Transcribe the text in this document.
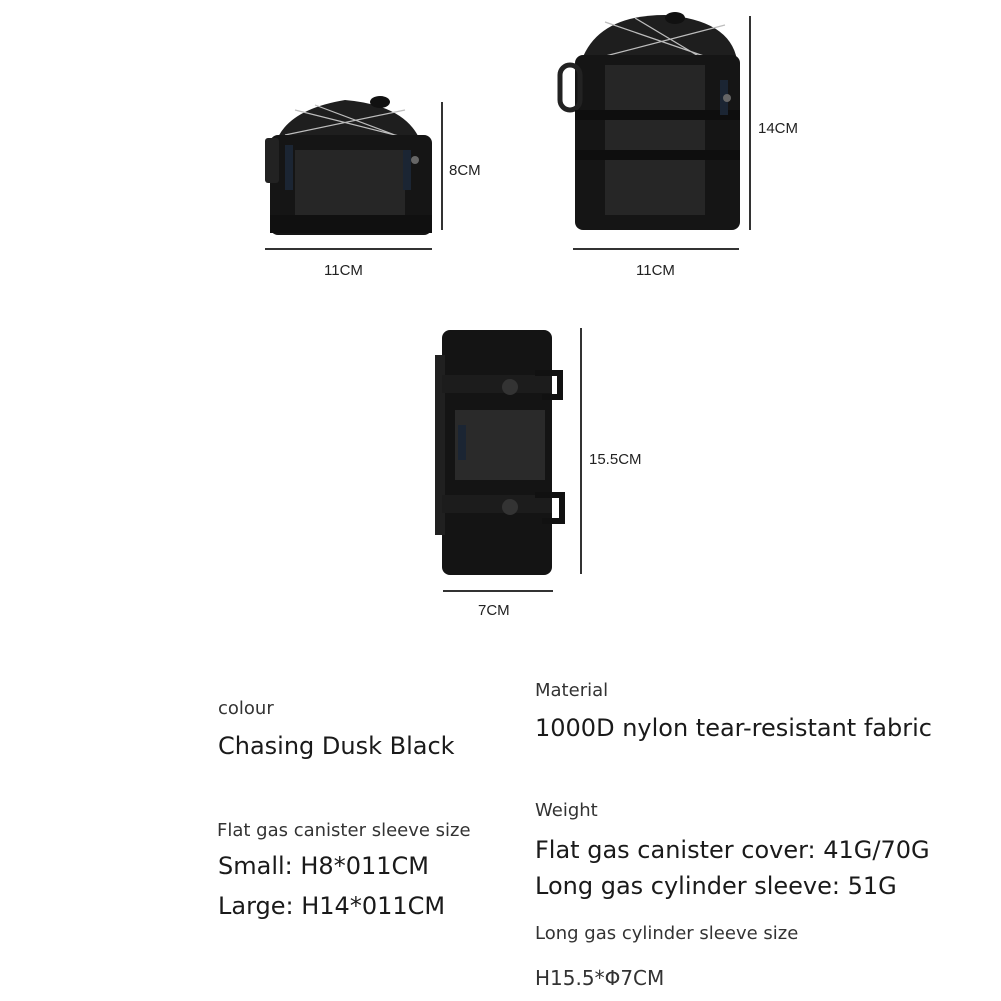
11CM
8CM
11CM
14CM
7CM
15.5CM
colour
Chasing Dusk Black
Material
1000D nylon tear-resistant fabric
Flat gas canister sleeve size
Small: H8*011CM
Large: H14*011CM
Weight
Flat gas canister cover: 41G/70G
Long gas cylinder sleeve: 51G
Long gas cylinder sleeve size
H15.5*Φ7CM
